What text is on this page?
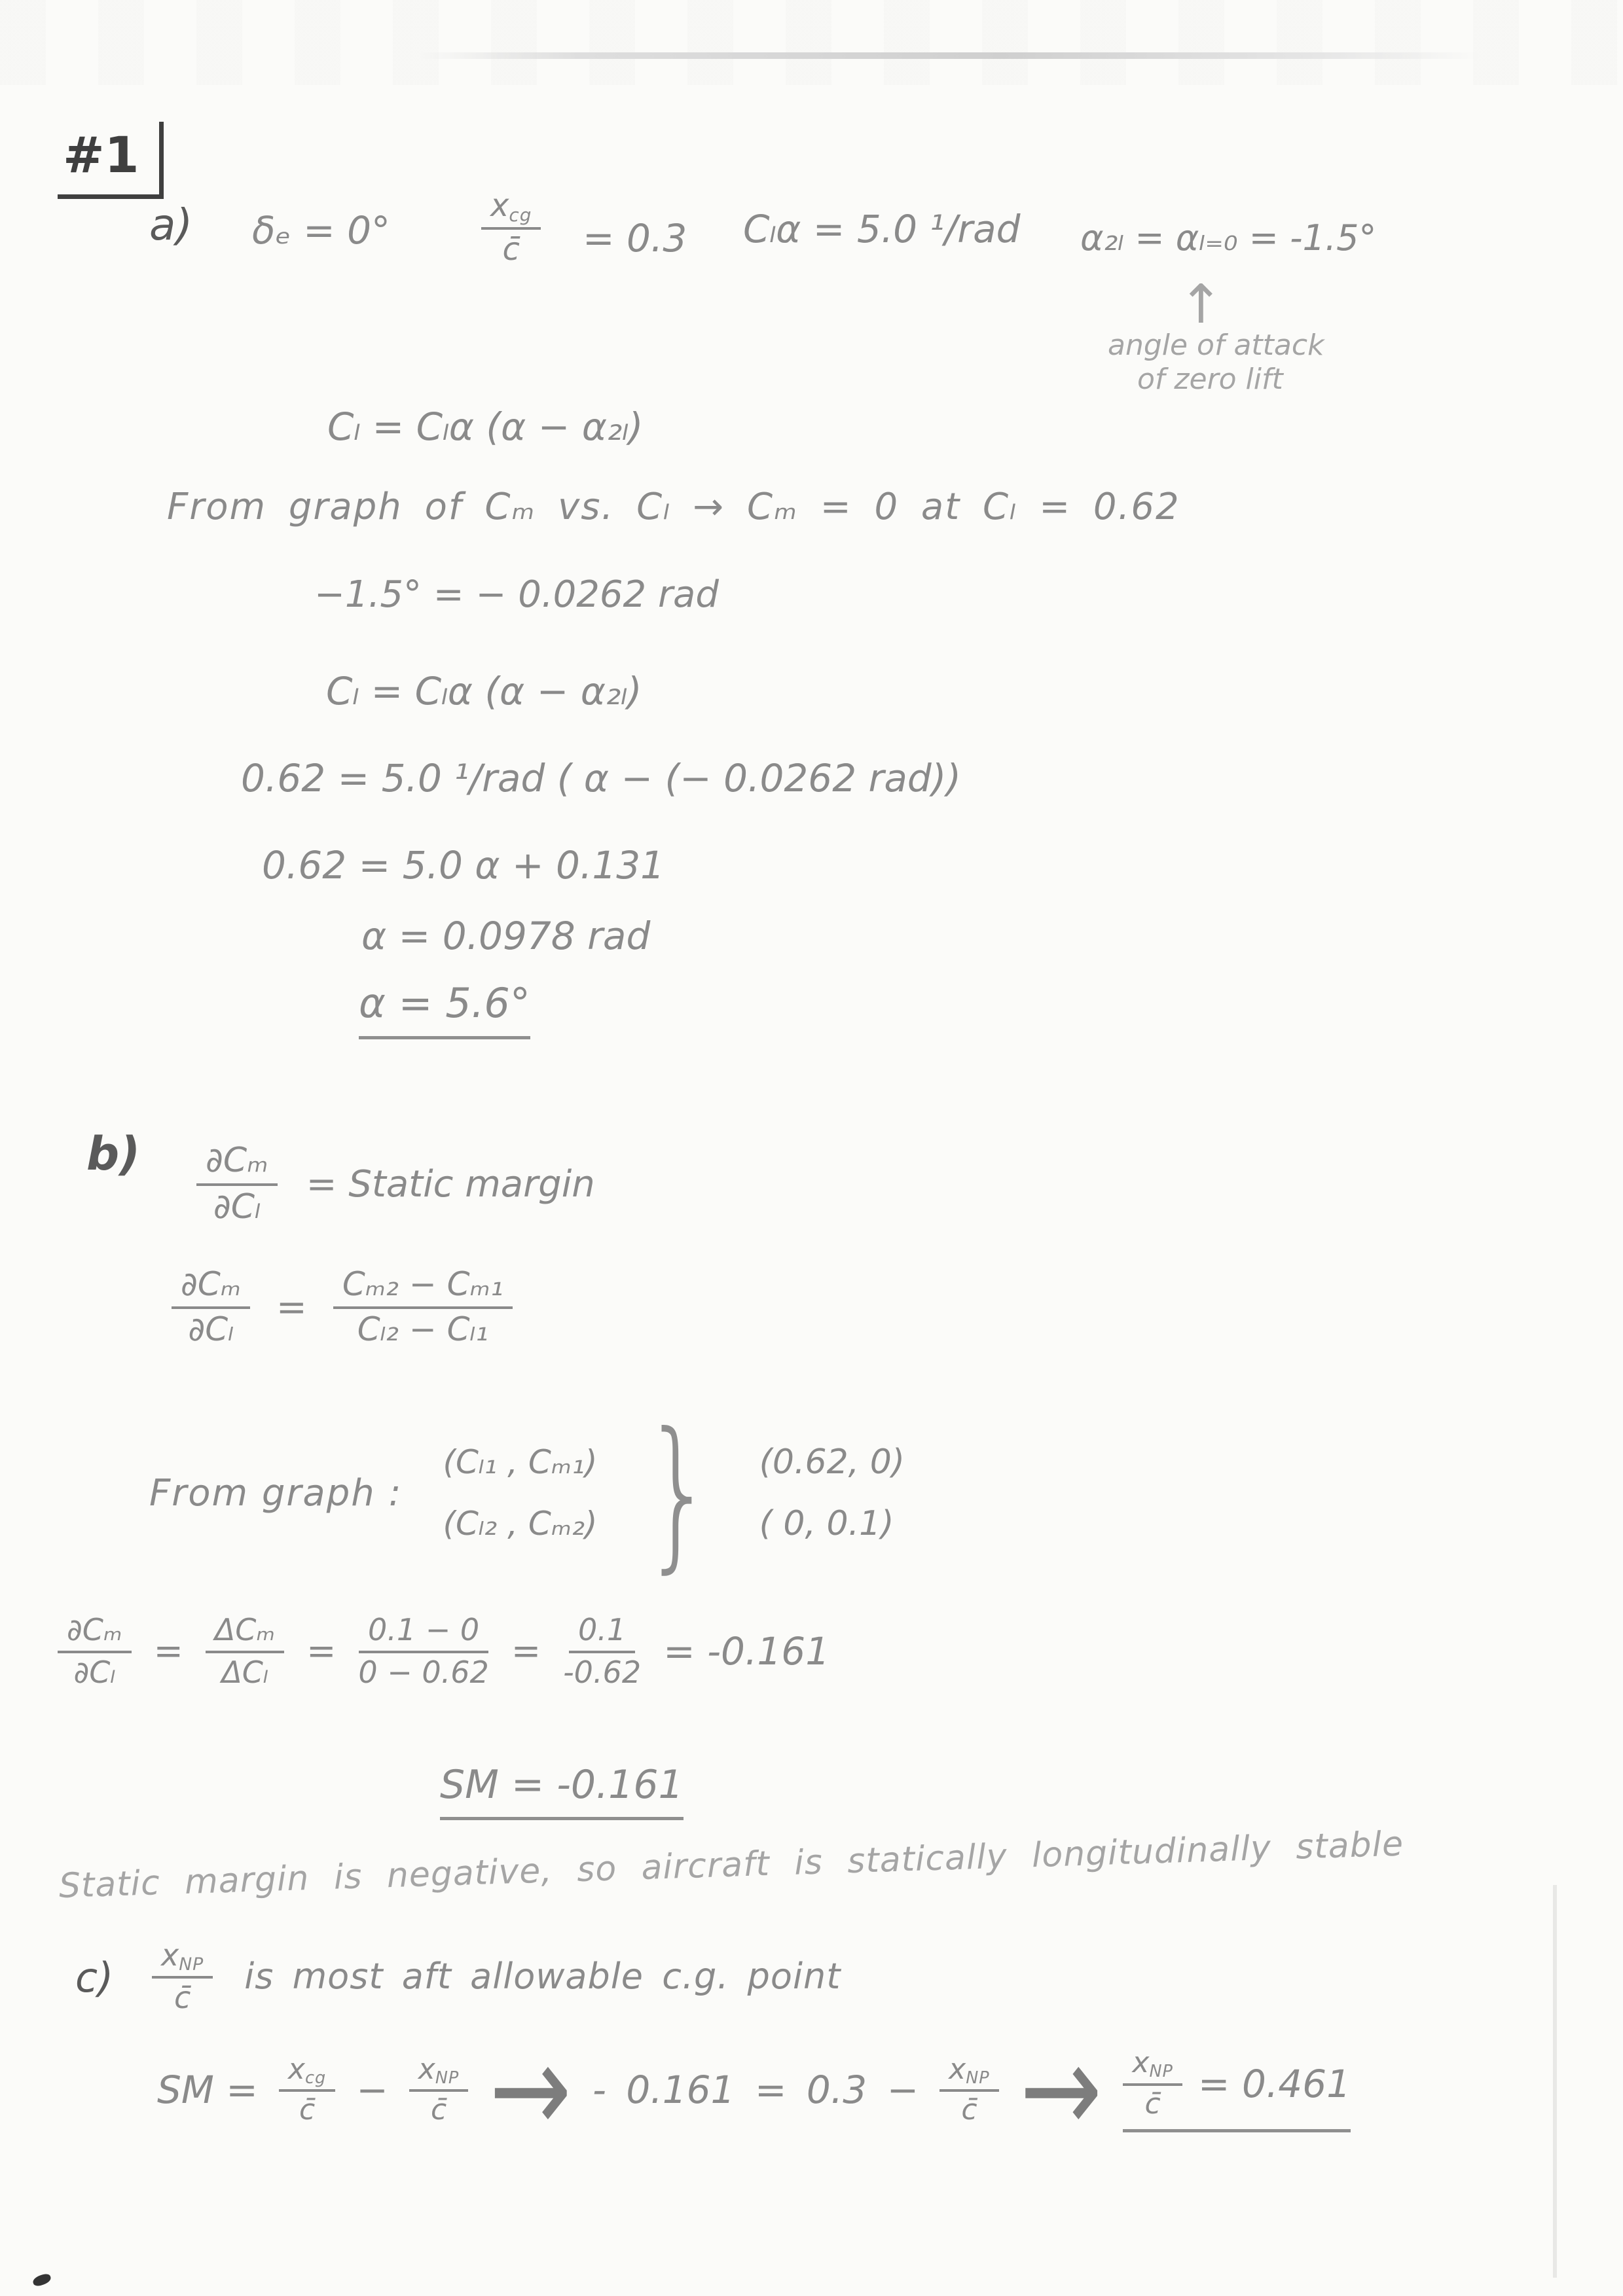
#1
a) δₑ = 0°
xcg
c̄ = 0.3 Cₗα = 5.0 ¹/rad α₂ₗ = αₗ₌₀ = -1.5°
↑
angle of attack
of zero lift
Cₗ = Cₗα (α − α₂ₗ)
From graph of Cₘ vs. Cₗ → Cₘ = 0 at Cₗ = 0.62
−1.5° = − 0.0262 rad
Cₗ = Cₗα (α − α₂ₗ)
0.62 = 5.0 ¹/rad ( α − (− 0.0262 rad))
0.62 = 5.0 α + 0.131
α = 0.0978 rad
α = 5.6°
$b) \frac{\text{∂Cₘ}}{\text{∂Cₗ}}$ = Static margin
$\frac{\text{∂Cₘ}}{\text{∂Cₗ}} = \frac{\text{Cₘ₂ − Cₘ₁}}{\text{Cₗ₂ − Cₗ₁}}$
From graph :
(Cₗ₁ , Cₘ₁)
(Cₗ₂ , Cₘ₂) } (0.62, 0)
( 0, 0.1)
$\frac{\text{∂Cₘ}}{\text{∂Cₗ}} = \frac{\text{ΔCₘ}}{\text{ΔCₗ}} = \frac{0.1 - 0}{0 - 0.62} = \frac{0.1}{-0.62} = -0.161$
SM = -0.161
Static margin is negative, so aircraft is statically longitudinally stable
$c) \frac{\text{xNP}}{c̄}$ is most aft allowable c.g. point
SM = $\frac{\text{xcg}}{c̄} - \frac{\text{xNP}}{c̄}$ → - $0.161 = 0.3 - \frac{\text{xNP}}{c̄} \to \frac{\text{xNP}}{c̄} = 0.461$
